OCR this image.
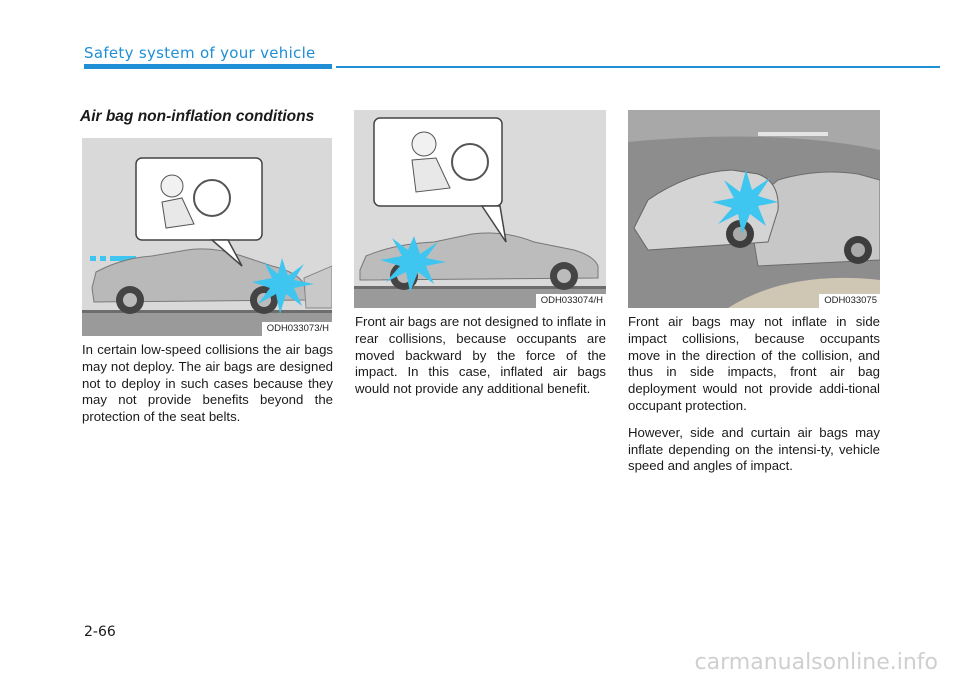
Safety system of your vehicle
Air bag non-inflation conditions
ODH033073/H
ODH033074/H	ODH033075

In certain low-speed collisions the air bags may not deploy. The air bags are designed not to deploy in such cases because they may not provide benefits beyond the protection of the seat belts.

Front air bags are not designed to inflate in rear collisions, because occupants are moved backward by the force of the impact. In this case, inflated air bags would not provide any additional benefit.

Front air bags may not inflate in side impact collisions, because occupants move in the direction of the collision, and thus in side impacts, front air bag deployment would not provide addi-tional occupant protection.

However, side and curtain air bags may inflate depending on the intensi-ty, vehicle speed and angles of impact.

2-66
carmanualsonline.info
